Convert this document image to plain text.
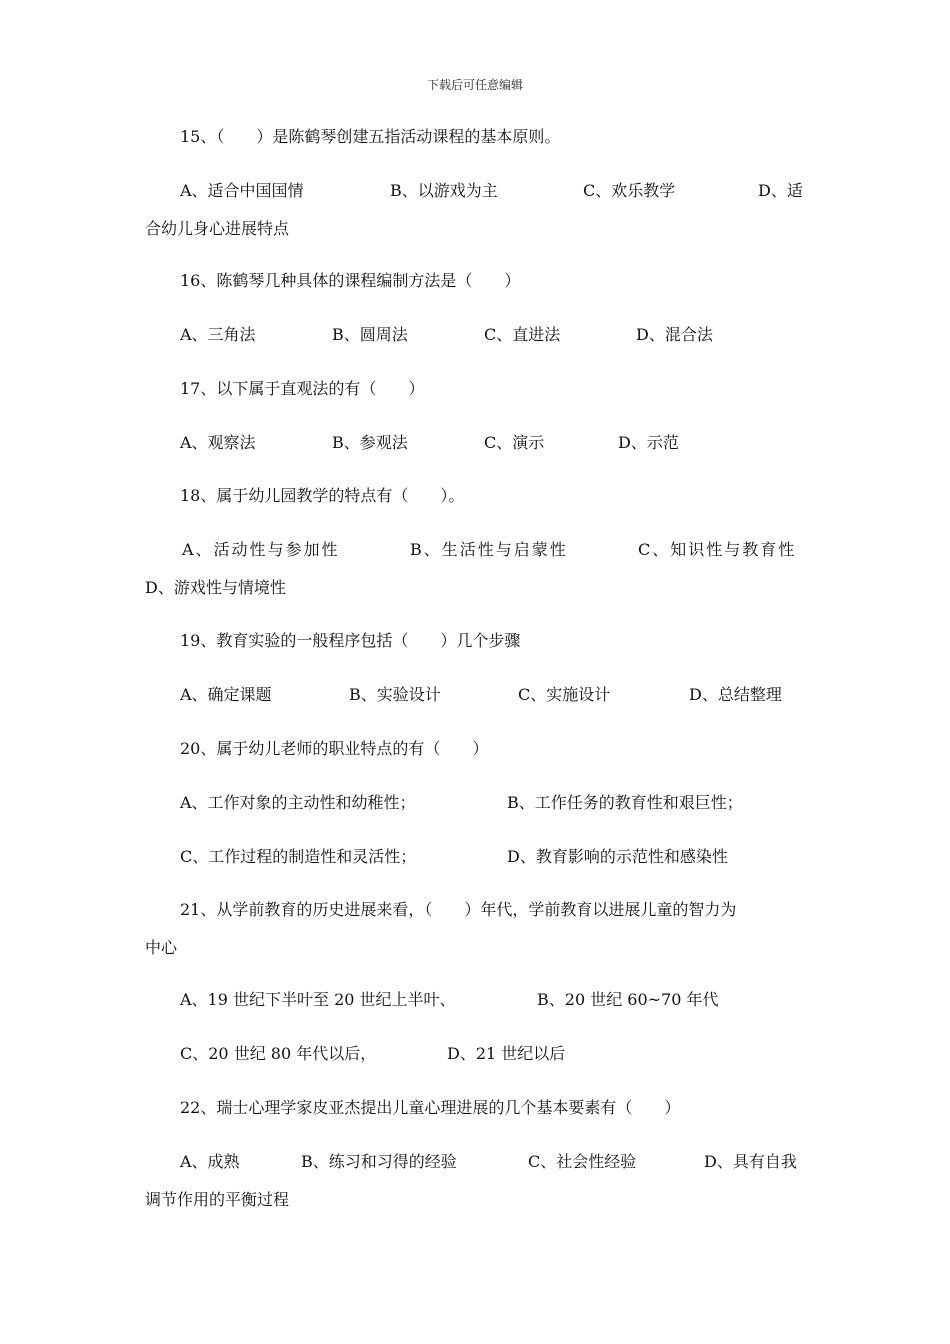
下载后可任意编辑
15、（　　）是陈鹤琴创建五指活动课程的基本原则。
A、适合中国国情	B、以游戏为主	C、欢乐教学	D、适
合幼儿身心进展特点
16、陈鹤琴几种具体的课程编制方法是（　　）
A、三角法	B、圆周法	C、直进法	D、混合法
17、以下属于直观法的有（　　）
A、观察法	B、参观法	C、演示	D、示范
18、属于幼儿园教学的特点有（　　）。
A、活动性与参加性	B、生活性与启蒙性	C、知识性与教育性
D、游戏性与情境性
19、教育实验的一般程序包括（　　）几个步骤
A、确定课题	B、实验设计	C、实施设计	D、总结整理
20、属于幼儿老师的职业特点的有（　　）
A、工作对象的主动性和幼稚性；	B、工作任务的教育性和艰巨性；
C、工作过程的制造性和灵活性；	D、教育影响的示范性和感染性
21、从学前教育的历史进展来看，（　　）年代，学前教育以进展儿童的智力为
中心
A、19 世纪下半叶至 20 世纪上半叶、	B、20 世纪 60~70 年代
C、20 世纪 80 年代以后，	D、21 世纪以后
22、瑞士心理学家皮亚杰提出儿童心理进展的几个基本要素有（　　）
A、成熟	B、练习和习得的经验	C、社会性经验	D、具有自我
调节作用的平衡过程
